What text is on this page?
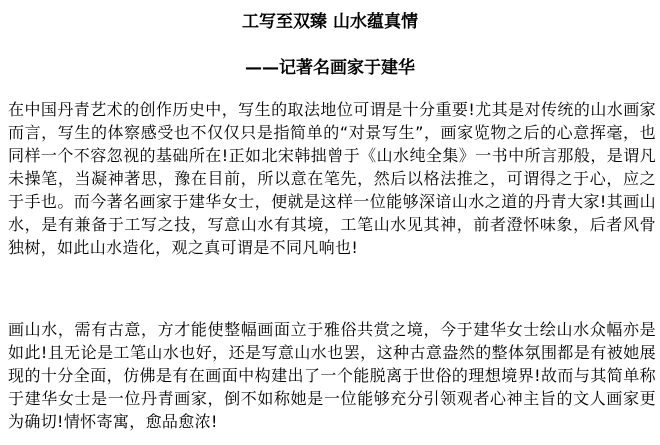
工写至双臻 山水蕴真情
——记著名画家于建华

在中国丹青艺术的创作历史中，写生的取法地位可谓是十分重要!尤其是对传统的山水画家而言，写生的体察感受也不仅仅只是指简单的“对景写生”，画家览物之后的心意挥毫，也同样一个不容忽视的基础所在!正如北宋韩拙曾于《山水纯全集》一书中所言那般，是谓凡未操笔，当凝神著思，豫在目前，所以意在笔先，然后以格法推之，可谓得之于心，应之于手也。而今著名画家于建华女士，便就是这样一位能够深谙山水之道的丹青大家!其画山水，是有兼备于工写之技，写意山水有其境，工笔山水见其神，前者澄怀味象，后者风骨独树，如此山水造化，观之真可谓是不同凡响也!

画山水，需有古意，方才能使整幅画面立于雅俗共赏之境，今于建华女士绘山水众幅亦是如此!且无论是工笔山水也好，还是写意山水也罢，这种古意盎然的整体氛围都是有被她展现的十分全面，仿佛是有在画面中构建出了一个能脱离于世俗的理想境界!故而与其简单称于建华女士是一位丹青画家，倒不如称她是一位能够充分引领观者心神主旨的文人画家更为确切!情怀寄寓，愈品愈浓!
